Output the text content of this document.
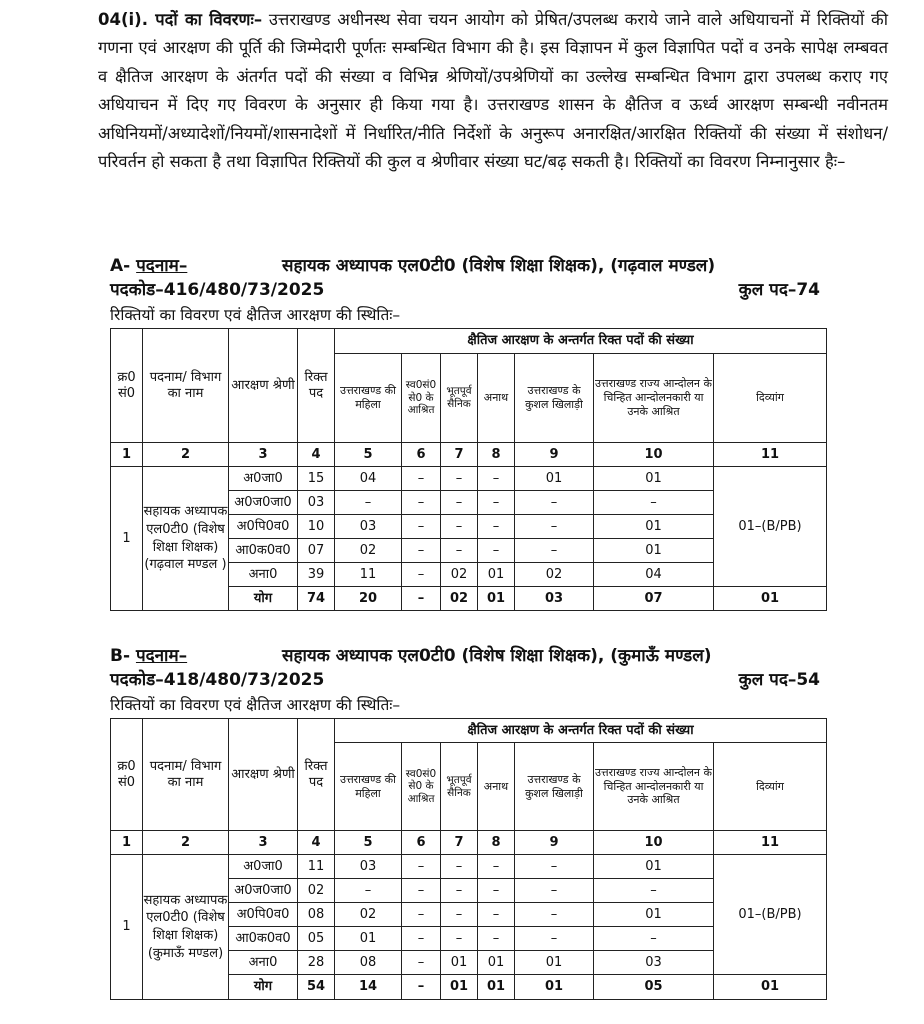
04(i). पदों का विवरणः– उत्तराखण्ड अधीनस्थ सेवा चयन आयोग को प्रेषित/उपलब्ध कराये जाने वाले अधियाचनों में रिक्तियों की गणना एवं आरक्षण की पूर्ति की जिम्मेदारी पूर्णतः सम्बन्धित विभाग की है। इस विज्ञापन में कुल विज्ञापित पदों व उनके सापेक्ष लम्बवत व क्षैतिज आरक्षण के अंतर्गत पदों की संख्या व विभिन्न श्रेणियों/उपश्रेणियों का उल्लेख सम्बन्धित विभाग द्वारा उपलब्ध कराए गए अधियाचन में दिए गए विवरण के अनुसार ही किया गया है। उत्तराखण्ड शासन के क्षैतिज व ऊर्ध्व आरक्षण सम्बन्धी नवीनतम अधिनियमों/अध्यादेशों/नियमों/शासनादेशों में निर्धारित/नीति निर्देशों के अनुरूप अनारक्षित/आरक्षित रिक्तियों की संख्या में संशोधन/परिवर्तन हो सकता है तथा विज्ञापित रिक्तियों की कुल व श्रेणीवार संख्या घट/बढ़ सकती है। रिक्तियों का विवरण निम्नानुसार हैः–
A- पदनाम–	सहायक अध्यापक एल0टी0 (विशेष शिक्षा शिक्षक), (गढ़वाल मण्डल)
पदकोड–416/480/73/2025	कुल पद–74
रिक्तियों का विवरण एवं क्षैतिज आरक्षण की स्थितिः–
क्र0 सं0	पदनाम/ विभाग का नाम	आरक्षण श्रेणी	रिक्त पद	क्षैतिज आरक्षण के अन्तर्गत रिक्त पदों की संख्या						
				उत्तराखण्ड की महिला	स्व0सं0 से0 के आश्रित	भूतपूर्व सैनिक	अनाथ	उत्तराखण्ड के कुशल खिलाड़ी	उत्तराखण्ड राज्य आन्दोलन के चिन्हित आन्दोलनकारी या उनके आश्रित	दिव्यांग
1	2	3	4	5	6	7	8	9	10	11
1	सहायक अध्यापक एल0टी0 (विशेष शिक्षा शिक्षक) (गढ़वाल मण्डल )	अ0जा0	15	04	–	–	–	01	01	01–(B/PB)
		अ0ज0जा0	03	–	–	–	–	–	–	
		अ0पि0व0	10	03	–	–	–	–	01	
		आ0क0व0	07	02	–	–	–	–	01	
		अना0	39	11	–	02	01	02	04	
		योग	74	20	–	02	01	03	07	01
B- पदनाम–	सहायक अध्यापक एल0टी0 (विशेष शिक्षा शिक्षक), (कुमाऊँ मण्डल)
पदकोड–418/480/73/2025	कुल पद–54
रिक्तियों का विवरण एवं क्षैतिज आरक्षण की स्थितिः–
क्र0 सं0	पदनाम/ विभाग का नाम	आरक्षण श्रेणी	रिक्त पद	क्षैतिज आरक्षण के अन्तर्गत रिक्त पदों की संख्या						
				उत्तराखण्ड की महिला	स्व0सं0 से0 के आश्रित	भूतपूर्व सैनिक	अनाथ	उत्तराखण्ड के कुशल खिलाड़ी	उत्तराखण्ड राज्य आन्दोलन के चिन्हित आन्दोलनकारी या उनके आश्रित	दिव्यांग
1	2	3	4	5	6	7	8	9	10	11
1	सहायक अध्यापक एल0टी0 (विशेष शिक्षा शिक्षक) (कुमाऊँ मण्डल)	अ0जा0	11	03	–	–	–	–	01	01–(B/PB)
		अ0ज0जा0	02	–	–	–	–	–	–	
		अ0पि0व0	08	02	–	–	–	–	01	
		आ0क0व0	05	01	–	–	–	–	–	
		अना0	28	08	–	01	01	01	03	
		योग	54	14	–	01	01	01	05	01
